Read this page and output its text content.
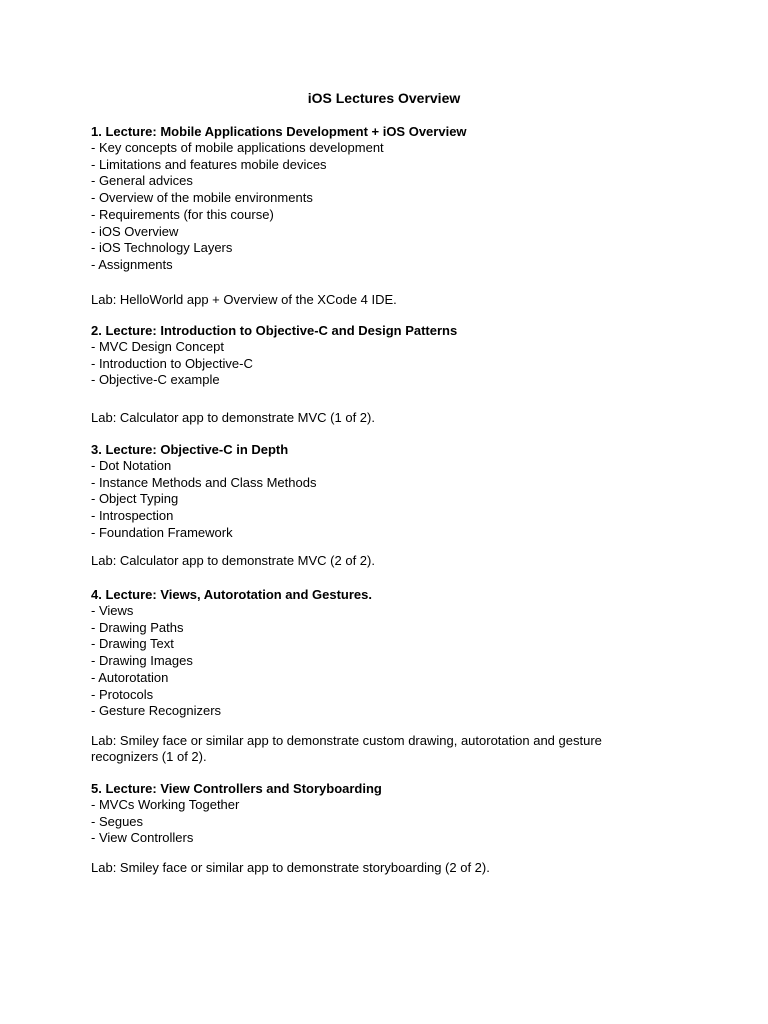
iOS Lectures Overview
1. Lecture: Mobile Applications Development + iOS Overview
- Key concepts of mobile applications development
- Limitations and features mobile devices
- General advices
- Overview of the mobile environments
- Requirements (for this course)
- iOS Overview
- iOS Technology Layers
- Assignments
Lab: HelloWorld app + Overview of the XCode 4 IDE.
2. Lecture: Introduction to Objective-C and Design Patterns
- MVC Design Concept
- Introduction to Objective-C
- Objective-C example
Lab: Calculator app to demonstrate MVC (1 of 2).
3. Lecture: Objective-C in Depth
- Dot Notation
- Instance Methods and Class Methods
- Object Typing
- Introspection
- Foundation Framework
Lab: Calculator app to demonstrate MVC (2 of 2).
4. Lecture: Views, Autorotation and Gestures.
- Views
- Drawing Paths
- Drawing Text
- Drawing Images
- Autorotation
- Protocols
- Gesture Recognizers
Lab: Smiley face or similar app to demonstrate custom drawing, autorotation and gesture recognizers (1 of 2).
5. Lecture: View Controllers and Storyboarding
- MVCs Working Together
- Segues
- View Controllers
Lab: Smiley face or similar app to demonstrate storyboarding (2 of 2).
